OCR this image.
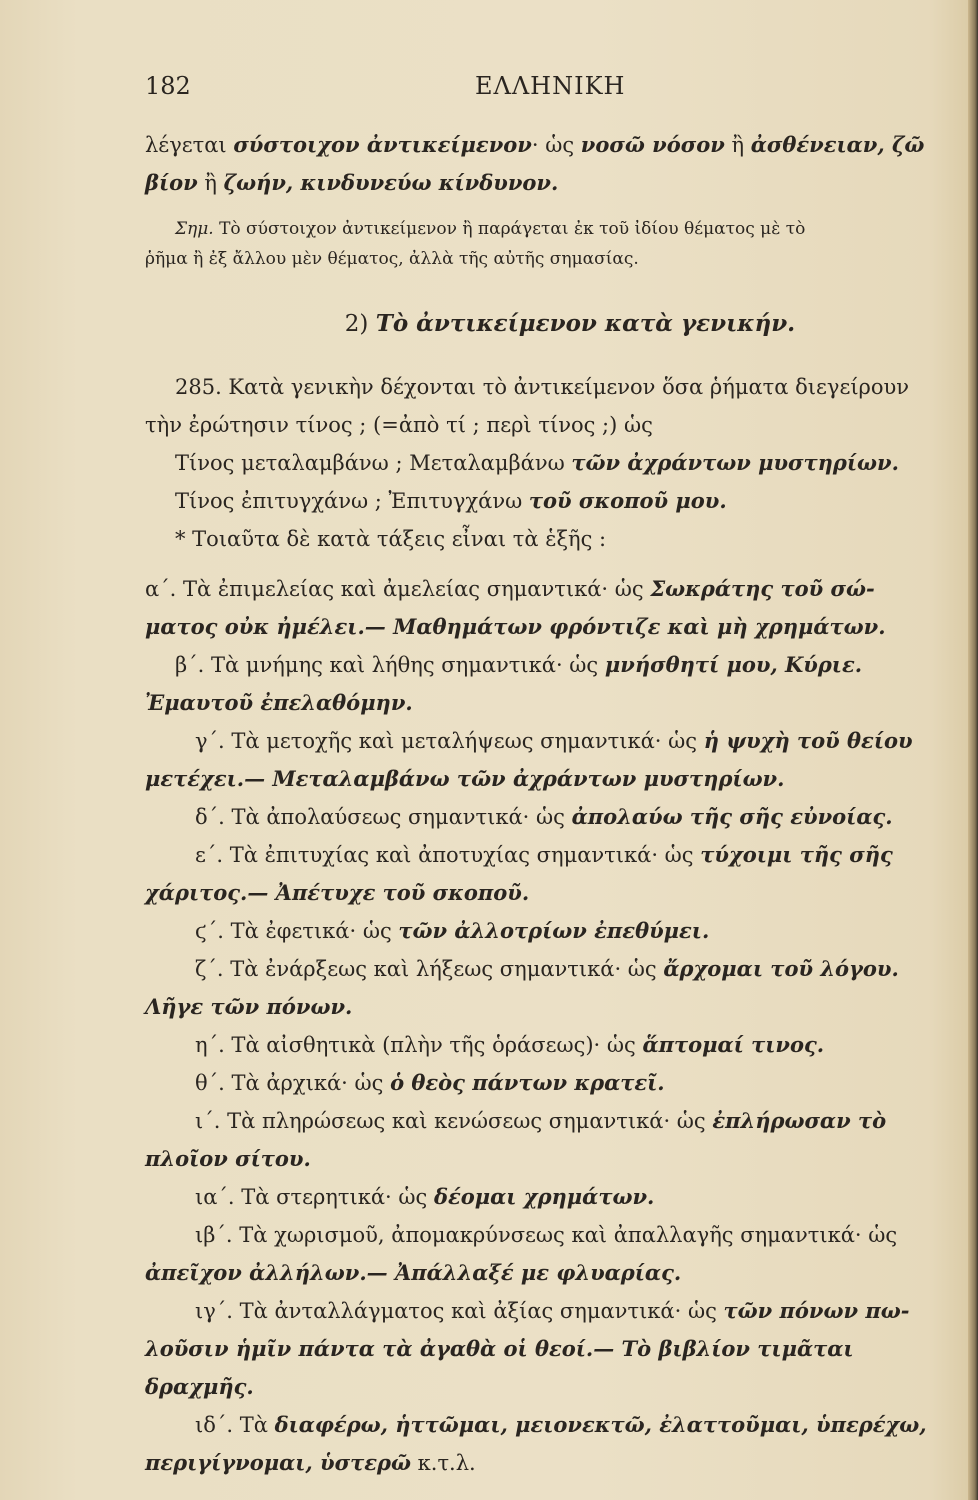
182	ΕΛΛΗΝΙΚΗ

λέγεται σύστοιχον ἀντικείμενον· ὡς νοσῶ νόσον ἢ ἀσθένειαν, ζῶ

βίον ἢ ζωήν, κινδυνεύω κίνδυνον.

Σημ. Τὸ σύστοιχον ἀντικείμενον ἢ παράγεται ἐκ τοῦ ἰδίου θέματος μὲ τὸ

ῥῆμα ἢ ἐξ ἄλλου μὲν θέματος, ἀλλὰ τῆς αὐτῆς σημασίας.

2) Τὸ ἀντικείμενον κατὰ γενικήν.

285. Κατὰ γενικὴν δέχονται τὸ ἀντικείμενον ὅσα ῥήματα διεγείρουν

τὴν ἐρώτησιν τίνος ; (=ἀπὸ τί ; περὶ τίνος ;) ὡς

Τίνος μεταλαμβάνω ; Μεταλαμβάνω τῶν ἀχράντων μυστηρίων.

Τίνος ἐπιτυγχάνω ; Ἐπιτυγχάνω τοῦ σκοποῦ μου.

* Τοιαῦτα δὲ κατὰ τάξεις εἶναι τὰ ἑξῆς :

α΄. Τὰ ἐπιμελείας καὶ ἀμελείας σημαντικά· ὡς Σωκράτης τοῦ σώ-

ματος οὐκ ἠμέλει.— Μαθημάτων φρόντιζε καὶ μὴ χρημάτων.

β΄. Τὰ μνήμης καὶ λήθης σημαντικά· ὡς μνήσθητί μου, Κύριε.

Ἐμαυτοῦ ἐπελαθόμην.

γ΄. Τὰ μετοχῆς καὶ μεταλήψεως σημαντικά· ὡς ἡ ψυχὴ τοῦ θείου

μετέχει.— Μεταλαμβάνω τῶν ἀχράντων μυστηρίων.

δ΄. Τὰ ἀπολαύσεως σημαντικά· ὡς ἀπολαύω τῆς σῆς εὐνοίας.

ε΄. Τὰ ἐπιτυχίας καὶ ἀποτυχίας σημαντικά· ὡς τύχοιμι τῆς σῆς

χάριτος.— Ἀπέτυχε τοῦ σκοποῦ.

ϛ΄. Τὰ ἐφετικά· ὡς τῶν ἀλλοτρίων ἐπεθύμει.

ζ΄. Τὰ ἐνάρξεως καὶ λήξεως σημαντικά· ὡς ἄρχομαι τοῦ λόγου.

Λῆγε τῶν πόνων.

η΄. Τὰ αἰσθητικὰ (πλὴν τῆς ὁράσεως)· ὡς ἅπτομαί τινος.

θ΄. Τὰ ἀρχικά· ὡς ὁ θεὸς πάντων κρατεῖ.

ι΄. Τὰ πληρώσεως καὶ κενώσεως σημαντικά· ὡς ἐπλήρωσαν τὸ

πλοῖον σίτου.

ια΄. Τὰ στερητικά· ὡς δέομαι χρημάτων.

ιβ΄. Τὰ χωρισμοῦ, ἀπομακρύνσεως καὶ ἀπαλλαγῆς σημαντικά· ὡς

ἀπεῖχον ἀλλήλων.— Ἀπάλλαξέ με φλυαρίας.

ιγ΄. Τὰ ἀνταλλάγματος καὶ ἀξίας σημαντικά· ὡς τῶν πόνων πω-

λοῦσιν ἡμῖν πάντα τὰ ἀγαθὰ οἱ θεοί.— Τὸ βιβλίον τιμᾶται

δραχμῆς.

ιδ΄. Τὰ διαφέρω, ἡττῶμαι, μειονεκτῶ, ἐλαττοῦμαι, ὑπερέχω,

περιγίγνομαι, ὑστερῶ κ.τ.λ.
